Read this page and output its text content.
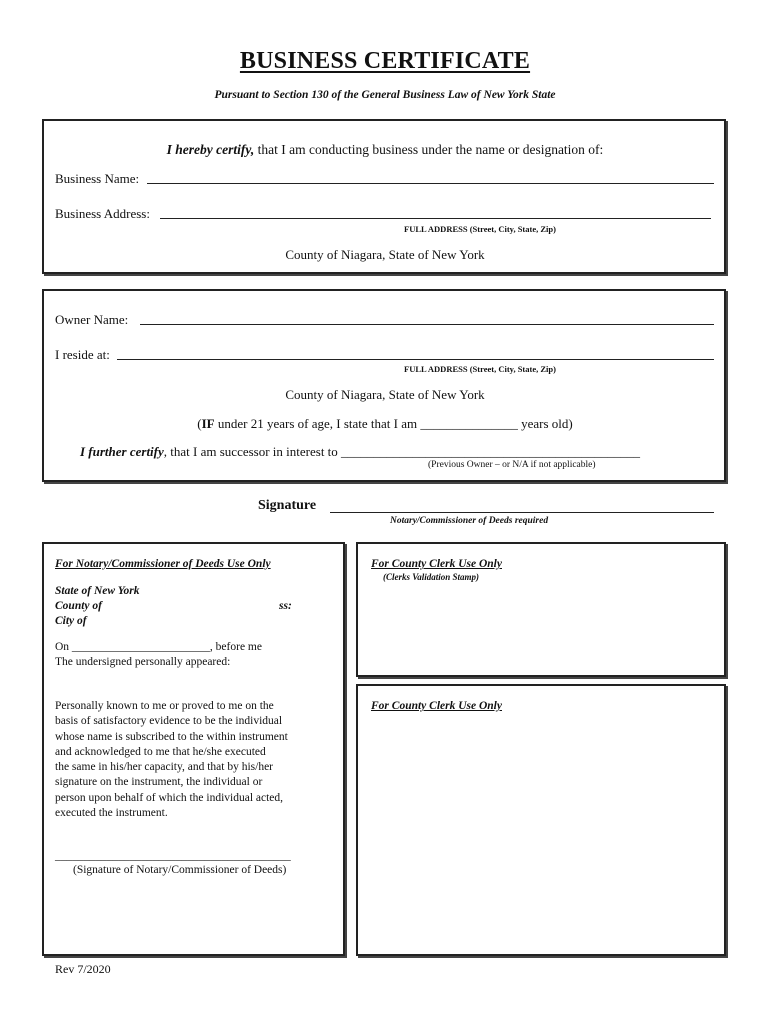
BUSINESS CERTIFICATE
Pursuant to Section 130 of the General Business Law of New York State
I hereby certify, that I am conducting business under the name or designation of:
Business Name:
Business Address:
FULL ADDRESS (Street, City, State, Zip)
County of Niagara, State of New York
Owner Name:
I reside at:
FULL ADDRESS (Street, City, State, Zip)
County of Niagara, State of New York
(IF under 21 years of age, I state that I am _______________ years old)
I further certify, that I am successor in interest to ______________________________________________
(Previous Owner – or N/A if not applicable)
Signature
Notary/Commissioner of Deeds required
For Notary/Commissioner of Deeds Use Only
State of New York
County of	ss:
City of
On ________________________, before me
The undersigned personally appeared:
Personally known to me or proved to me on the
basis of satisfactory evidence to be the individual
whose name is subscribed to the within instrument
and acknowledged to me that he/she executed
the same in his/her capacity, and that by his/her
signature on the instrument, the individual or
person upon behalf of which the individual acted,
executed the instrument.
_________________________________________
(Signature of Notary/Commissioner of Deeds)
For County Clerk Use Only
(Clerks Validation Stamp)
For County Clerk Use Only
Rev 7/2020
